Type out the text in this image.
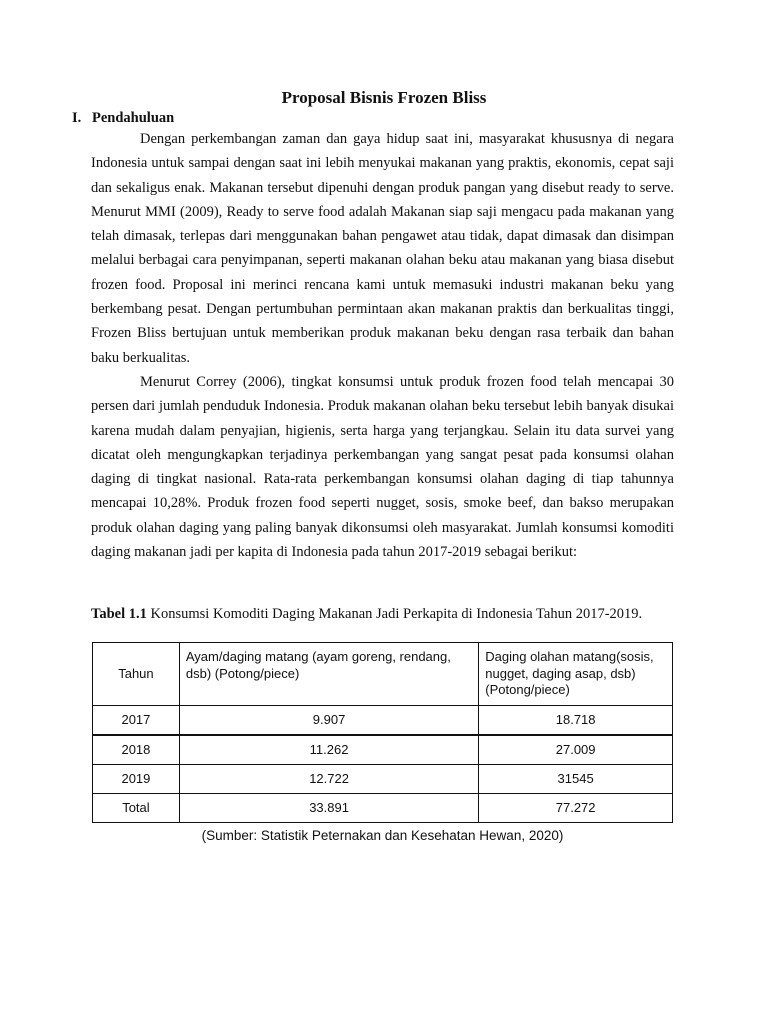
Proposal Bisnis Frozen Bliss
I. Pendahuluan

Dengan perkembangan zaman dan gaya hidup saat ini, masyarakat khususnya di negara Indonesia untuk sampai dengan saat ini lebih menyukai makanan yang praktis, ekonomis, cepat saji dan sekaligus enak. Makanan tersebut dipenuhi dengan produk pangan yang disebut ready to serve. Menurut MMI (2009), Ready to serve food adalah Makanan siap saji mengacu pada makanan yang telah dimasak, terlepas dari menggunakan bahan pengawet atau tidak, dapat dimasak dan disimpan melalui berbagai cara penyimpanan, seperti makanan olahan beku atau makanan yang biasa disebut frozen food. Proposal ini merinci rencana kami untuk memasuki industri makanan beku yang berkembang pesat. Dengan pertumbuhan permintaan akan makanan praktis dan berkualitas tinggi, Frozen Bliss bertujuan untuk memberikan produk makanan beku dengan rasa terbaik dan bahan baku berkualitas.

Menurut Correy (2006), tingkat konsumsi untuk produk frozen food telah mencapai 30 persen dari jumlah penduduk Indonesia. Produk makanan olahan beku tersebut lebih banyak disukai karena mudah dalam penyajian, higienis, serta harga yang terjangkau. Selain itu data survei yang dicatat oleh mengungkapkan terjadinya perkembangan yang sangat pesat pada konsumsi olahan daging di tingkat nasional. Rata-rata perkembangan konsumsi olahan daging di tiap tahunnya mencapai 10,28%. Produk frozen food seperti nugget, sosis, smoke beef, dan bakso merupakan produk olahan daging yang paling banyak dikonsumsi oleh masyarakat. Jumlah konsumsi komoditi daging makanan jadi per kapita di Indonesia pada tahun 2017-2019 sebagai berikut:

Tabel 1.1 Konsumsi Komoditi Daging Makanan Jadi Perkapita di Indonesia Tahun 2017-2019.
Tahun	Ayam/daging matang (ayam goreng, rendang, dsb) (Potong/piece)	Daging olahan matang(sosis, nugget, daging asap, dsb) (Potong/piece)
2017	9.907	18.718
2018	11.262	27.009
2019	12.722	31545
Total	33.891	77.272
(Sumber: Statistik Peternakan dan Kesehatan Hewan, 2020)
